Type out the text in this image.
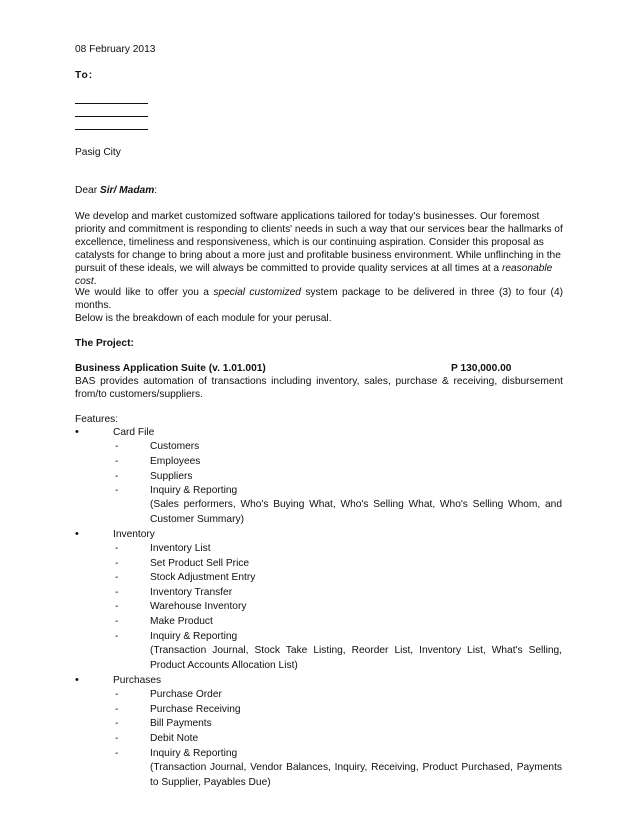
08 February 2013
To:
Pasig City
Dear Sir/ Madam:
We develop and market customized software applications tailored for today's businesses. Our foremost priority and commitment is responding to clients' needs in such a way that our services bear the hallmarks of excellence, timeliness and responsiveness, which is our continuing aspiration. Consider this proposal as catalysts for change to bring about a more just and profitable business environment. While unflinching in the pursuit of these ideals, we will always be committed to provide quality services at all times at a reasonable cost.
We would like to offer you a special customized system package to be delivered in three (3) to four (4) months.
Below is the breakdown of each module for your perusal.
The Project:
Business Application Suite (v. 1.01.001)	P 130,000.00
BAS provides automation of transactions including inventory, sales, purchase & receiving, disbursement from/to customers/suppliers.
Features:
•	Card File
-	Customers
-	Employees
-	Suppliers
-	Inquiry & Reporting
(Sales performers, Who's Buying What, Who's Selling What, Who's Selling Whom, and Customer Summary)
•	Inventory
-	Inventory List
-	Set Product Sell Price
-	Stock Adjustment Entry
-	Inventory Transfer
-	Warehouse Inventory
-	Make Product
-	Inquiry & Reporting
(Transaction Journal, Stock Take Listing, Reorder List, Inventory List, What's Selling, Product Accounts Allocation List)
•	Purchases
-	Purchase Order
-	Purchase Receiving
-	Bill Payments
-	Debit Note
-	Inquiry & Reporting
(Transaction Journal, Vendor Balances, Inquiry, Receiving, Product Purchased, Payments to Supplier, Payables Due)
